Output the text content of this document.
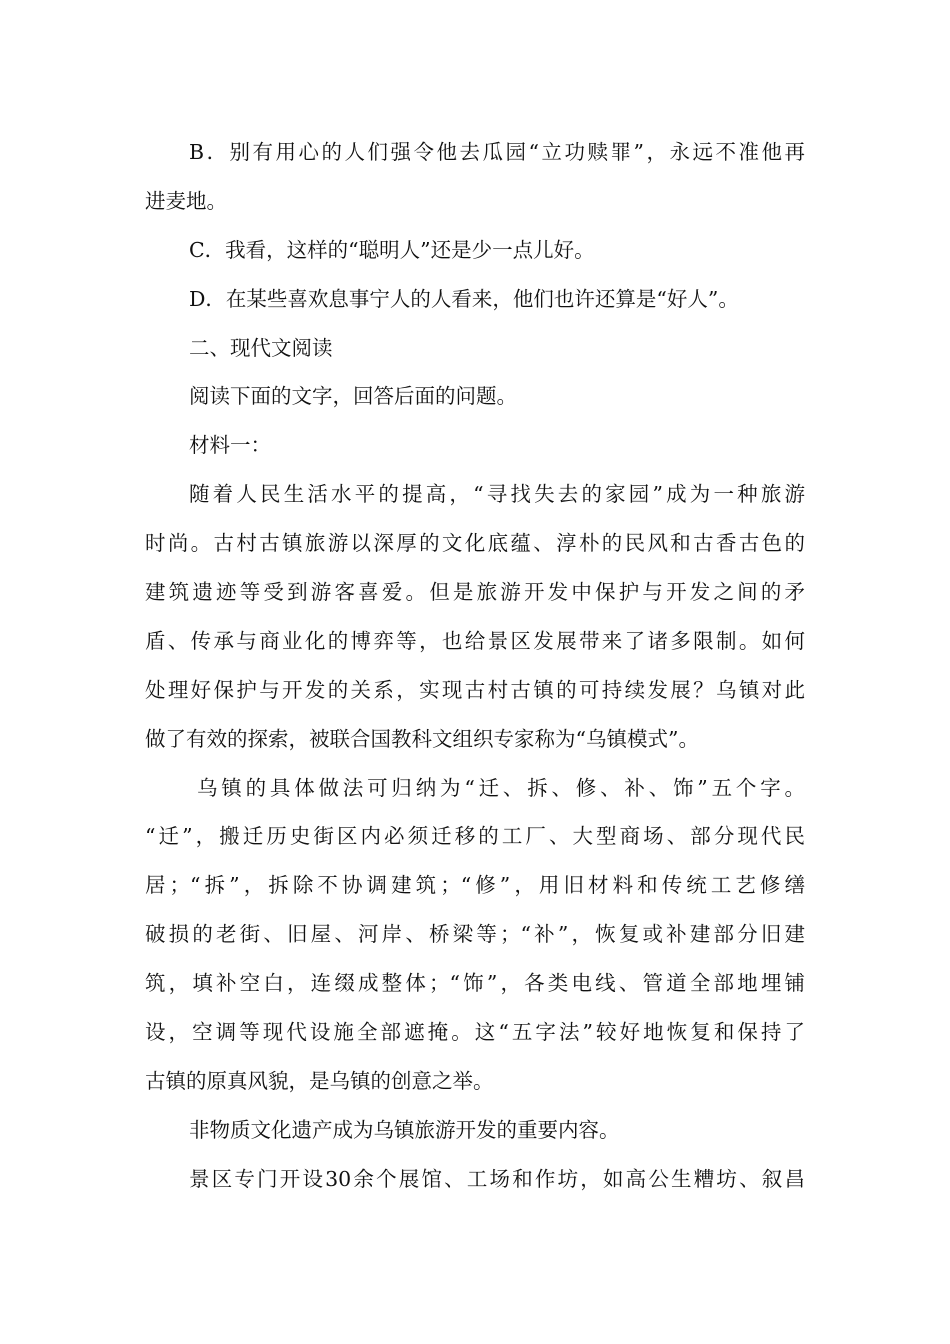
B．别有用心的人们强令他去瓜园“立功赎罪”，永远不准他再
进麦地。
C．我看，这样的“聪明人”还是少一点儿好。
D．在某些喜欢息事宁人的人看来，他们也许还算是“好人”。
二、现代文阅读
阅读下面的文字，回答后面的问题。
材料一：
随着人民生活水平的提高，“寻找失去的家园”成为一种旅游
时尚。古村古镇旅游以深厚的文化底蕴、淳朴的民风和古香古色的
建筑遗迹等受到游客喜爱。但是旅游开发中保护与开发之间的矛
盾、传承与商业化的博弈等，也给景区发展带来了诸多限制。如何
处理好保护与开发的关系，实现古村古镇的可持续发展？乌镇对此
做了有效的探索，被联合国教科文组织专家称为“乌镇模式”。
乌镇的具体做法可归纳为“迁、拆、修、补、饰”五个字。
“迁”，搬迁历史街区内必须迁移的工厂、大型商场、部分现代民
居；“拆”，拆除不协调建筑；“修”，用旧材料和传统工艺修缮
破损的老街、旧屋、河岸、桥梁等；“补”，恢复或补建部分旧建
筑，填补空白，连缀成整体；“饰”，各类电线、管道全部地埋铺
设，空调等现代设施全部遮掩。这“五字法”较好地恢复和保持了
古镇的原真风貌，是乌镇的创意之举。
非物质文化遗产成为乌镇旅游开发的重要内容。
景区专门开设30余个展馆、工场和作坊，如高公生糟坊、叙昌
